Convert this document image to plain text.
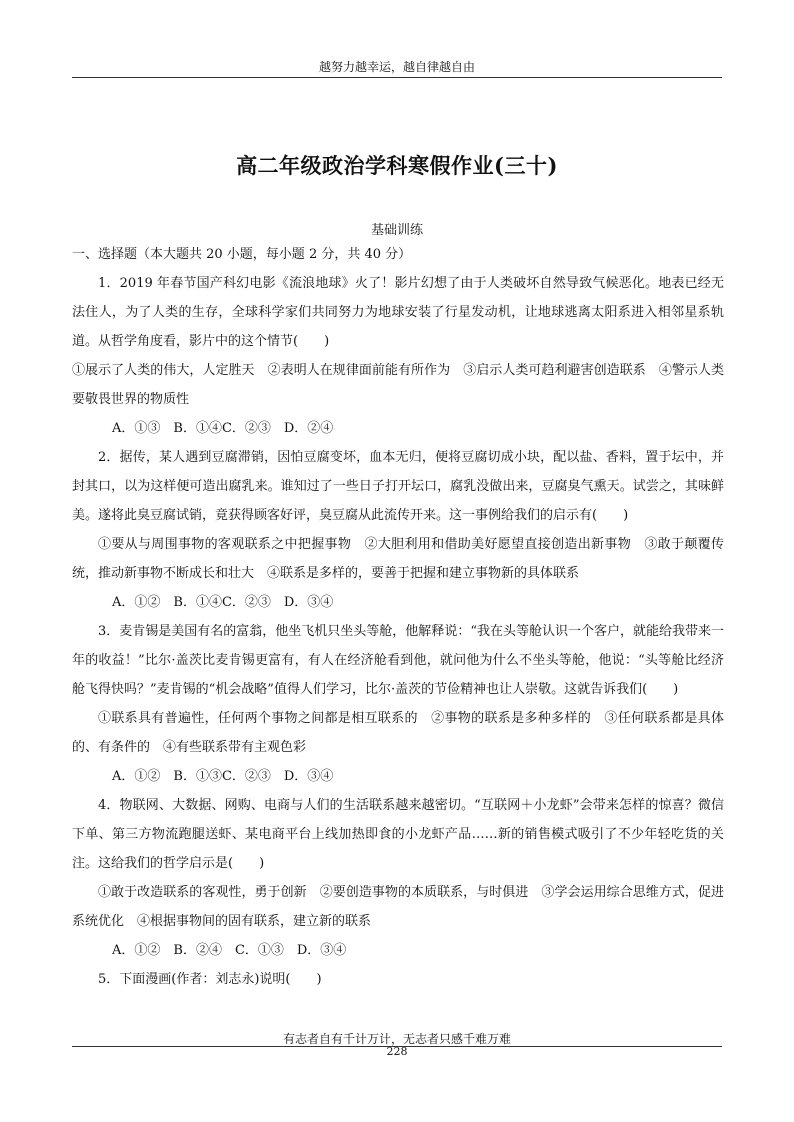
越努力越幸运，越自律越自由
高二年级政治学科寒假作业(三十)
基础训练

一、选择题（本大题共 20 小题，每小题 2 分，共 40 分）

1．2019 年春节国产科幻电影《流浪地球》火了！影片幻想了由于人类破坏自然导致气候恶化。地表已经无法住人，为了人类的生存，全球科学家们共同努力为地球安装了行星发动机，让地球逃离太阳系进入相邻星系轨道。从哲学角度看，影片中的这个情节(　　)

①展示了人类的伟大，人定胜天　②表明人在规律面前能有所作为　③启示人类可趋利避害创造联系　④警示人类要敬畏世界的物质性

A．①③　B．①④C．②③　D．②④

2．据传，某人遇到豆腐滞销，因怕豆腐变坏，血本无归，便将豆腐切成小块，配以盐、香料，置于坛中，并封其口，以为这样便可造出腐乳来。谁知过了一些日子打开坛口，腐乳没做出来，豆腐臭气熏天。试尝之，其味鲜美。遂将此臭豆腐试销，竟获得顾客好评，臭豆腐从此流传开来。这一事例给我们的启示有(　　)

①要从与周围事物的客观联系之中把握事物　②大胆利用和借助美好愿望直接创造出新事物　③敢于颠覆传统，推动新事物不断成长和壮大　④联系是多样的，要善于把握和建立事物新的具体联系

A．①②　B．①④C．②③　D．③④

3．麦肯锡是美国有名的富翁，他坐飞机只坐头等舱，他解释说：“我在头等舱认识一个客户，就能给我带来一年的收益！”比尔·盖茨比麦肯锡更富有，有人在经济舱看到他，就问他为什么不坐头等舱，他说：“头等舱比经济舱飞得快吗？”麦肯锡的“机会战略”值得人们学习，比尔·盖茨的节俭精神也让人崇敬。这就告诉我们(　　)

①联系具有普遍性，任何两个事物之间都是相互联系的　②事物的联系是多种多样的　③任何联系都是具体的、有条件的　④有些联系带有主观色彩

A．①②　B．①③C．②③　D．③④

4．物联网、大数据、网购、电商与人们的生活联系越来越密切。“互联网＋小龙虾”会带来怎样的惊喜？微信下单、第三方物流跑腿送虾、某电商平台上线加热即食的小龙虾产品……新的销售模式吸引了不少年轻吃货的关注。这给我们的哲学启示是(　　)

①敢于改造联系的客观性，勇于创新　②要创造事物的本质联系，与时俱进　③学会运用综合思维方式，促进系统优化　④根据事物间的固有联系，建立新的联系

A．①②　B．②④　C．①③　D．③④

5．下面漫画(作者：刘志永)说明(　　)

有志者自有千计万计，无志者只感千难万难
228
